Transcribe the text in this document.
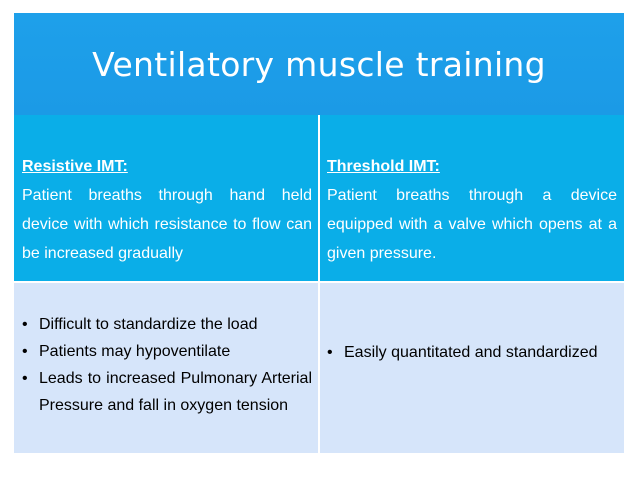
Ventilatory muscle training
Resistive IMT:
Patient breaths through hand held device with which resistance to flow can be increased gradually
Threshold IMT:
Patient breaths through a device equipped with a valve which opens at a given pressure.
• Difficult to standardize the load
• Patients may hypoventilate
• Leads to increased Pulmonary Arterial Pressure and fall in oxygen tension
• Easily quantitated and standardized
